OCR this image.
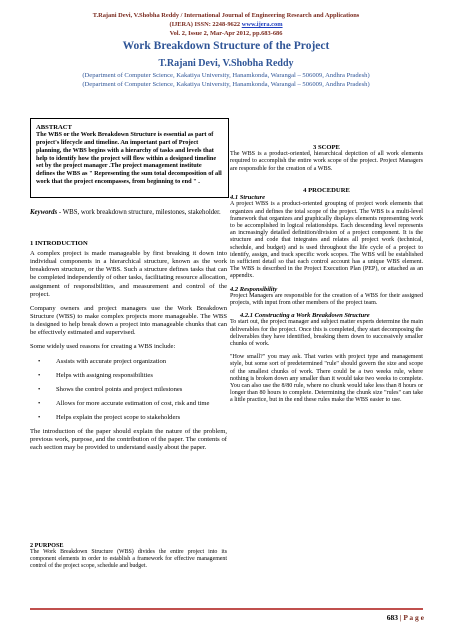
T.Rajani Devi, V.Shobha Reddy / International Journal of Engineering Research and Applications
(IJERA) ISSN: 2248-9622 www.ijera.com
Vol. 2, Issue 2, Mar-Apr 2012, pp.683-686
Work Breakdown Structure of the Project
T.Rajani Devi, V.Shobha Reddy
(Department of Computer Science, Kakatiya University, Hanamkonda, Warangal – 506009, Andhra Pradesh)
(Department of Computer Science, Kakatiya University, Hanamkonda, Warangal – 506009, Andhra Pradesh)
ABSTRACT

The WBS or the Work Breakdown Structure is essential as part of project's lifecycle and timeline. An important part of Project planning, the WBS begins with a hierarchy of tasks and levels that help to identify how the project will flow within a designed timeline set by the project manager .The project management institute defines the WBS as " Representing the sum total decomposition of all work that the project encompasses, from beginning to end " .

Keywords - WBS, work breakdown structure, milestones, stakeholder.

1 INTRODUCTION

A complex project is made manageable by first breaking it down into individual components in a hierarchical structure, known as the work breakdown structure, or the WBS. Such a structure defines tasks that can be completed independently of other tasks, facilitating resource allocation, assignment of responsibilities, and measurement and control of the project.

Company owners and project managers use the Work Breakdown Structure (WBS) to make complex projects more manageable. The WBS is designed to help break down a project into manageable chunks that can be effectively estimated and supervised.

Some widely used reasons for creating a WBS include:

• Assists with accurate project organization
• Helps with assigning responsibilities
• Shows the control points and project milestones
• Allows for more accurate estimation of cost, risk and time
• Helps explain the project scope to stakeholders

The introduction of the paper should explain the nature of the problem, previous work, purpose, and the contribution of the paper. The contents of each section may be provided to understand easily about the paper.

2 PURPOSE

The Work Breakdown Structure (WBS) divides the entire project into its component elements in order to establish a framework for effective management control of the project scope, schedule and budget.

3 SCOPE

The WBS is a product-oriented, hierarchical depiction of all work elements required to accomplish the entire work scope of the project. Project Managers are responsible for the creation of a WBS.

4 PROCEDURE
4.1 Structure

A project WBS is a product-oriented grouping of project work elements that organizes and defines the total scope of the project. The WBS is a multi-level framework that organizes and graphically displays elements representing work to be accomplished in logical relationships. Each descending level represents an increasingly detailed definition/division of a project component. It is the structure and code that integrates and relates all project work (technical, schedule, and budget) and is used throughout the life cycle of a project to identify, assign, and track specific work scopes. The WBS will be established in sufficient detail so that each control account has a unique WBS element. The WBS is described in the Project Execution Plan (PEP), or attached as an appendix.

4.2 Responsibility

Project Managers are responsible for the creation of a WBS for their assigned projects, with input from other members of the project team.

4.2.1 Constructing a Work Breakdown Structure

To start out, the project manager and subject matter experts determine the main deliverables for the project. Once this is completed, they start decomposing the deliverables they have identified, breaking them down to successively smaller chunks of work.

"How small?" you may ask. That varies with project type and management style, but some sort of predetermined "rule" should govern the size and scope of the smallest chunks of work. There could be a two weeks rule, where nothing is broken down any smaller than it would take two weeks to complete. You can also use the 8/80 rule, where no chunk would take less than 8 hours or longer than 80 hours to complete. Determining the chunk size "rules" can take a little practice, but in the end these rules make the WBS easier to use.

683 | P a g e
